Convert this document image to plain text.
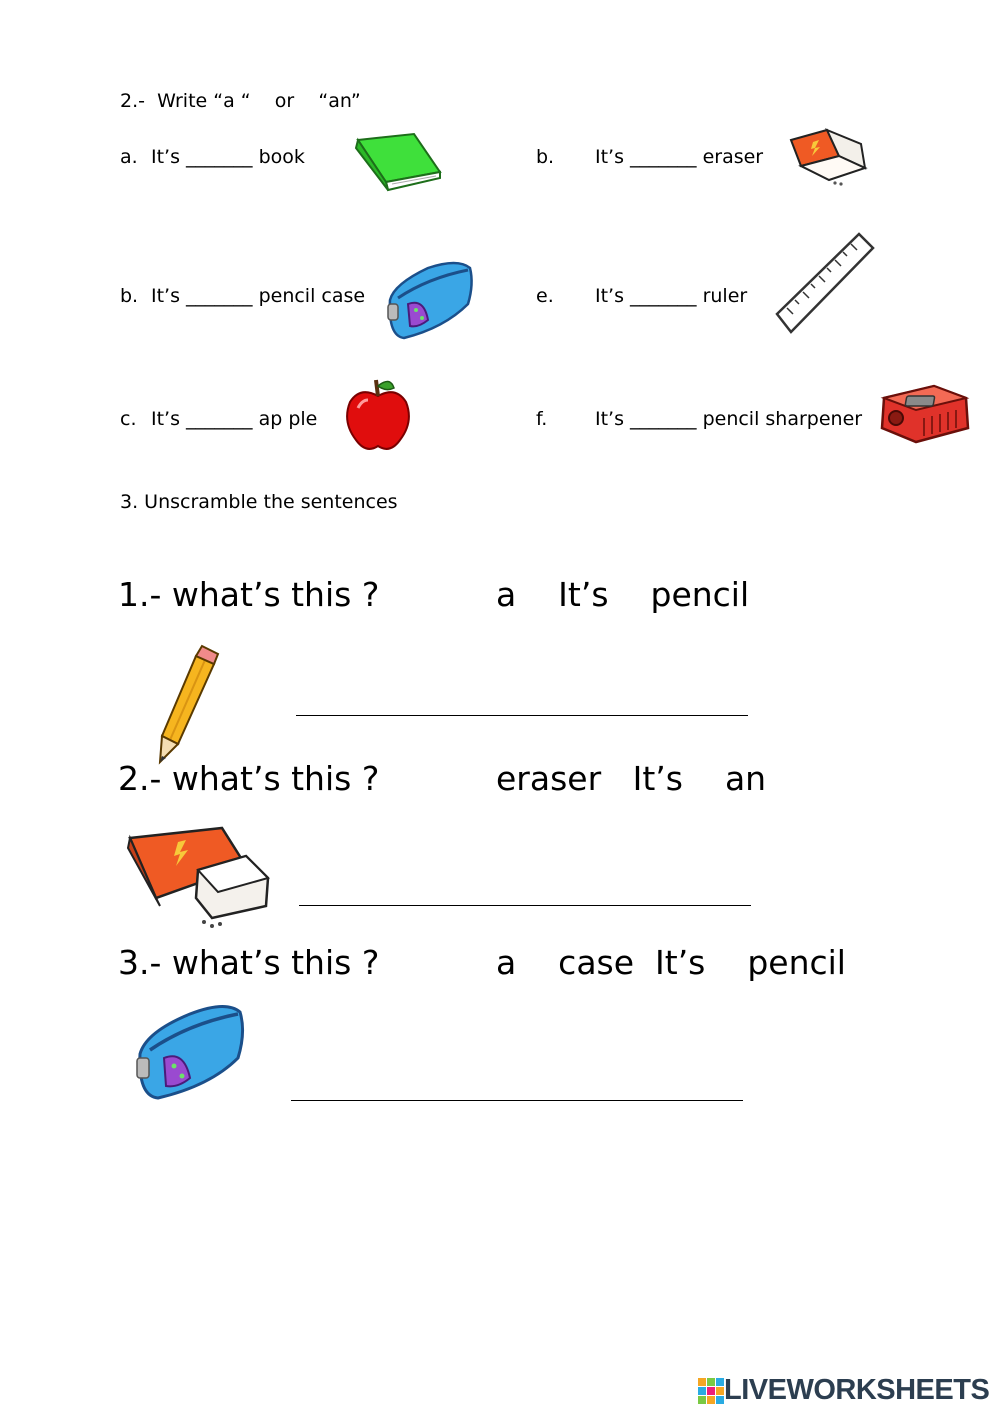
2.-  Write “a “    or    “an”
a. It’s _______ book	b. It’s _______ eraser
b. It’s _______ pencil case	e. It’s _______ ruler
c. It’s _______ ap ple	f.	It’s _______ pencil sharpener
3. Unscramble the sentences
1.- what’s this ?	a    It’s    pencil
2.- what’s this ?	eraser   It’s    an
3.- what’s this ?	a    case  It’s    pencil
LIVEWORKSHEETS
